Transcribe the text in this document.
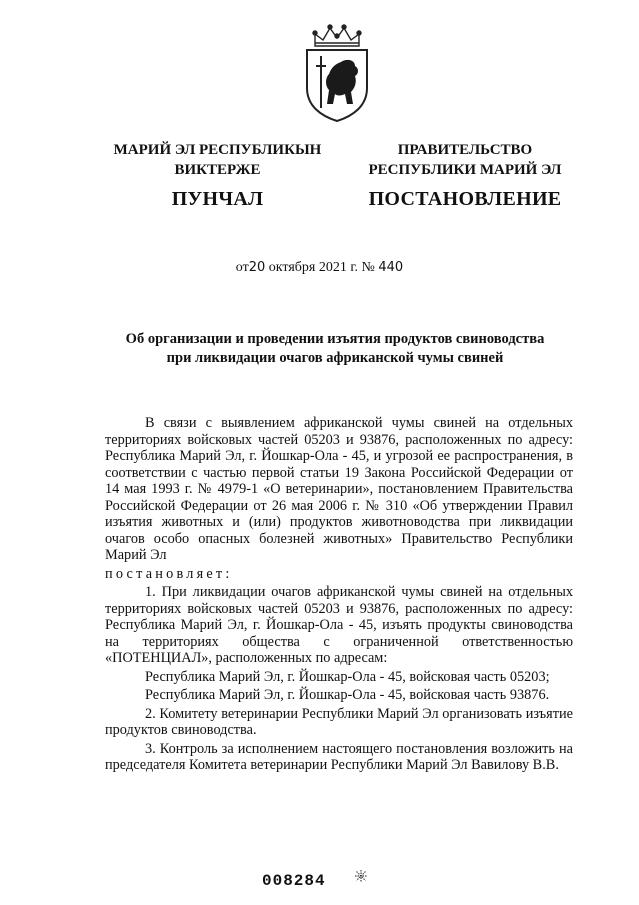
МАРИЙ ЭЛ РЕСПУБЛИКЫН
ВИКТЕРЖЕ
ПУНЧАЛ
ПРАВИТЕЛЬСТВО
РЕСПУБЛИКИ МАРИЙ ЭЛ
ПОСТАНОВЛЕНИЕ
от20 октября 2021 г. № 440
Об организации и проведении изъятия продуктов свиноводства
при ликвидации очагов африканской чумы свиней

В связи с выявлением африканской чумы свиней на отдельных территориях войсковых частей 05203 и 93876, расположенных по адресу: Республика Марий Эл, г. Йошкар-Ола - 45, и угрозой ее распространения, в соответствии с частью первой статьи 19 Закона Российской Федерации от 14 мая 1993 г. № 4979-1 «О ветеринарии», постановлением Правительства Российской Федерации от 26 мая 2006 г. № 310 «Об утверждении Правил изъятия животных и (или) продуктов животноводства при ликвидации очагов особо опасных болезней животных» Правительство Республики Марий Эл

постановляет:

1. При ликвидации очагов африканской чумы свиней на отдельных территориях войсковых частей 05203 и 93876, расположенных по адресу: Республика Марий Эл, г. Йошкар-Ола - 45, изъять продукты свиноводства на территориях общества с ограниченной ответственностью «ПОТЕНЦИАЛ», расположенных по адресам:

Республика Марий Эл, г. Йошкар-Ола - 45, войсковая часть 05203;

Республика Марий Эл, г. Йошкар-Ола - 45, войсковая часть 93876.

2. Комитету ветеринарии Республики Марий Эл организовать изъятие продуктов свиноводства.

3. Контроль за исполнением настоящего постановления возложить на председателя Комитета ветеринарии Республики Марий Эл Вавилову В.В.

008284
